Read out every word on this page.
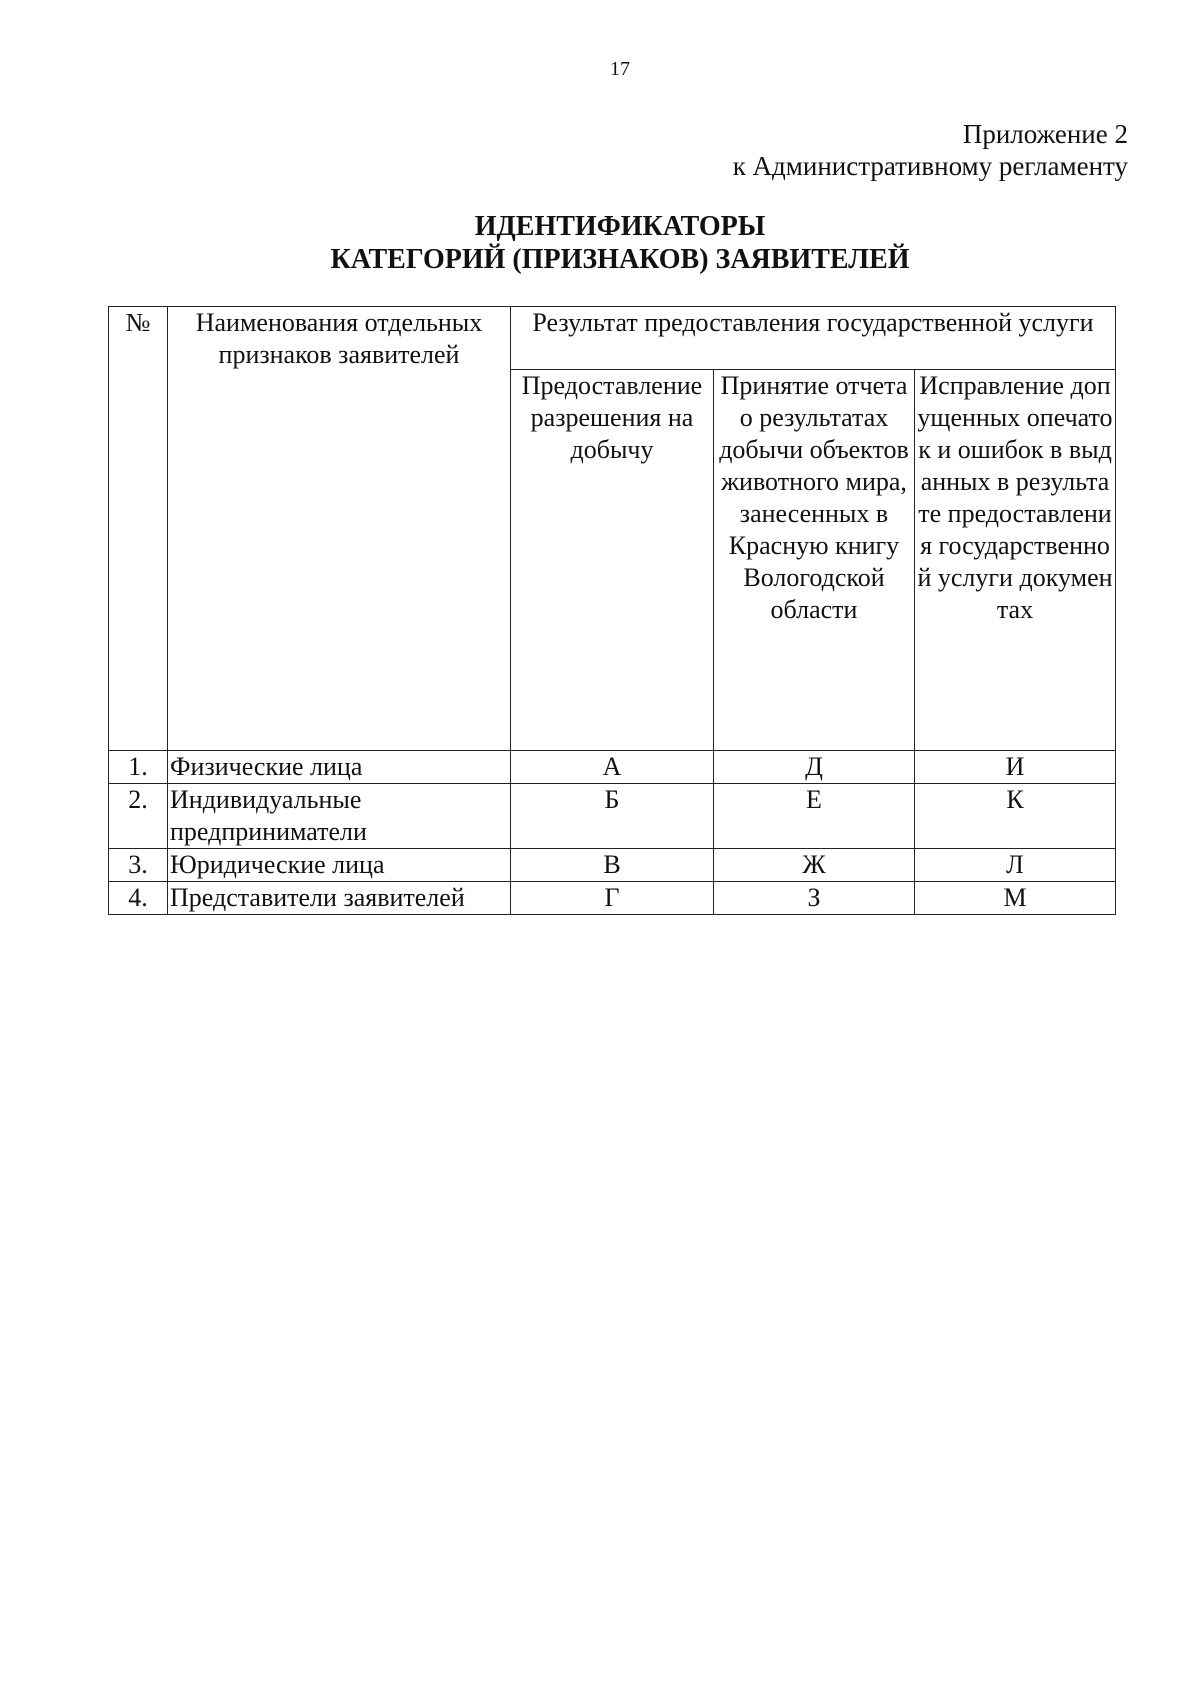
17
Приложение 2
к Административному регламенту
ИДЕНТИФИКАТОРЫ
КАТЕГОРИЙ (ПРИЗНАКОВ) ЗАЯВИТЕЛЕЙ
№	Наименования отдельных признаков заявителей	Результат предоставления государственной услуги		
		Предоставление разрешения на добычу	Принятие отчета о результатах добычи объектов животного мира, занесенных в Красную книгу Вологодской области	Исправление допущенных опечаток и ошибок в выданных в результате предоставления государственной услуги документах
1.	Физические лица	А	Д	И
2.	Индивидуальные предприниматели	Б	Е	К
3.	Юридические лица	В	Ж	Л
4.	Представители заявителей	Г	З	М
